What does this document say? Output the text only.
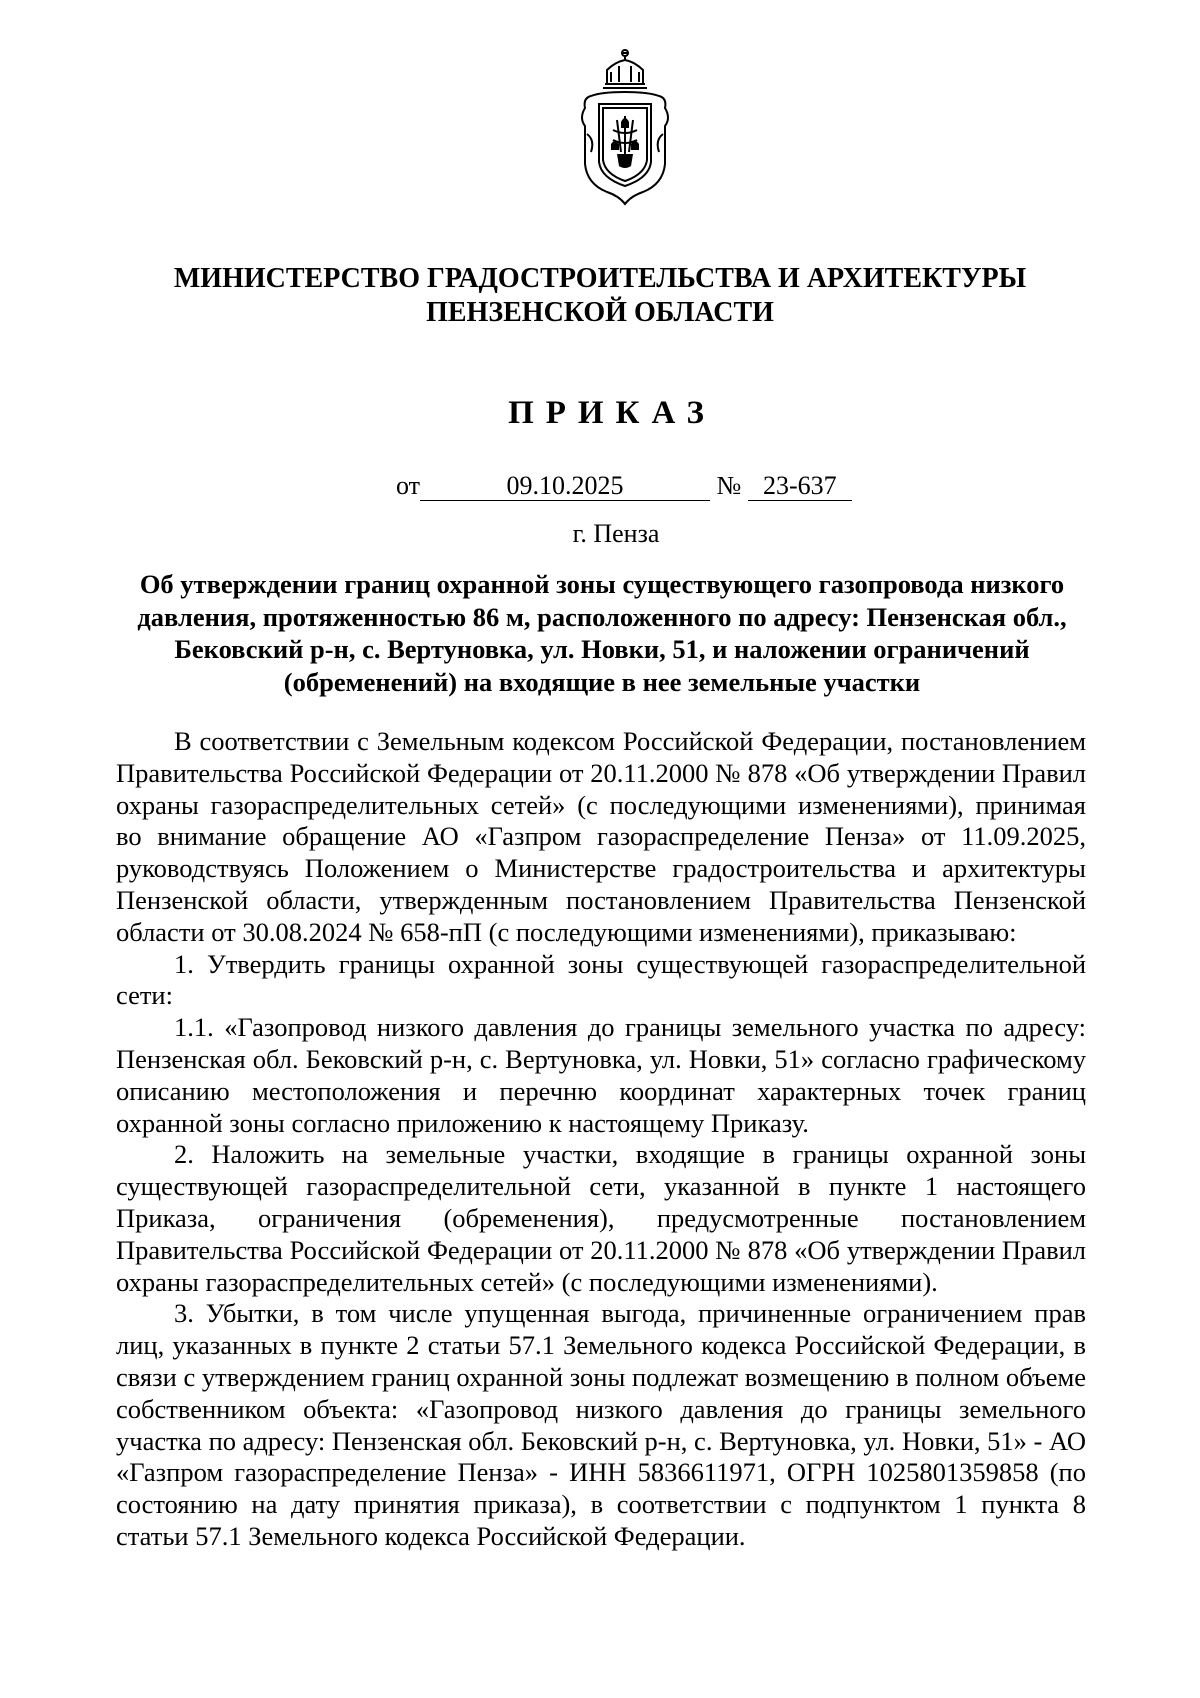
МИНИСТЕРСТВО ГРАДОСТРОИТЕЛЬСТВА И АРХИТЕКТУРЫ
ПЕНЗЕНСКОЙ ОБЛАСТИ
ПРИКАЗ
от	09.10.2025	№ 23-637
г. Пенза
Об утверждении границ охранной зоны существующего газопровода низкого
давления, протяженностью 86 м, расположенного по адресу: Пензенская обл.,
Бековский р-н, с. Вертуновка, ул. Новки, 51, и наложении ограничений
(обременений) на входящие в нее земельные участки

В соответствии с Земельным кодексом Российской Федерации, постановлением Правительства Российской Федерации от 20.11.2000 № 878 «Об утверждении Правил охраны газораспределительных сетей» (с последующими изменениями), принимая во внимание обращение АО «Газпром газораспределение Пенза» от 11.09.2025, руководствуясь Положением о Министерстве градостроительства и архитектуры Пензенской области, утвержденным постановлением Правительства Пензенской области от 30.08.2024 № 658-пП (с последующими изменениями), приказываю:

1. Утвердить границы охранной зоны существующей газораспределительной сети:

1.1. «Газопровод низкого давления до границы земельного участка по адресу: Пензенская обл. Бековский р-н, с. Вертуновка, ул. Новки, 51» согласно графическому описанию местоположения и перечню координат характерных точек границ охранной зоны согласно приложению к настоящему Приказу.

2. Наложить на земельные участки, входящие в границы охранной зоны существующей газораспределительной сети, указанной в пункте 1 настоящего Приказа, ограничения (обременения), предусмотренные постановлением Правительства Российской Федерации от 20.11.2000 № 878 «Об утверждении Правил охраны газораспределительных сетей» (с последующими изменениями).

3. Убытки, в том числе упущенная выгода, причиненные ограничением прав лиц, указанных в пункте 2 статьи 57.1 Земельного кодекса Российской Федерации, в связи с утверждением границ охранной зоны подлежат возмещению в полном объеме собственником объекта: «Газопровод низкого давления до границы земельного участка по адресу: Пензенская обл. Бековский р-н, с. Вертуновка, ул. Новки, 51» - АО «Газпром газораспределение Пенза» - ИНН 5836611971, ОГРН 1025801359858 (по состоянию на дату принятия приказа), в соответствии с подпунктом 1 пункта 8 статьи 57.1 Земельного кодекса Российской Федерации.
